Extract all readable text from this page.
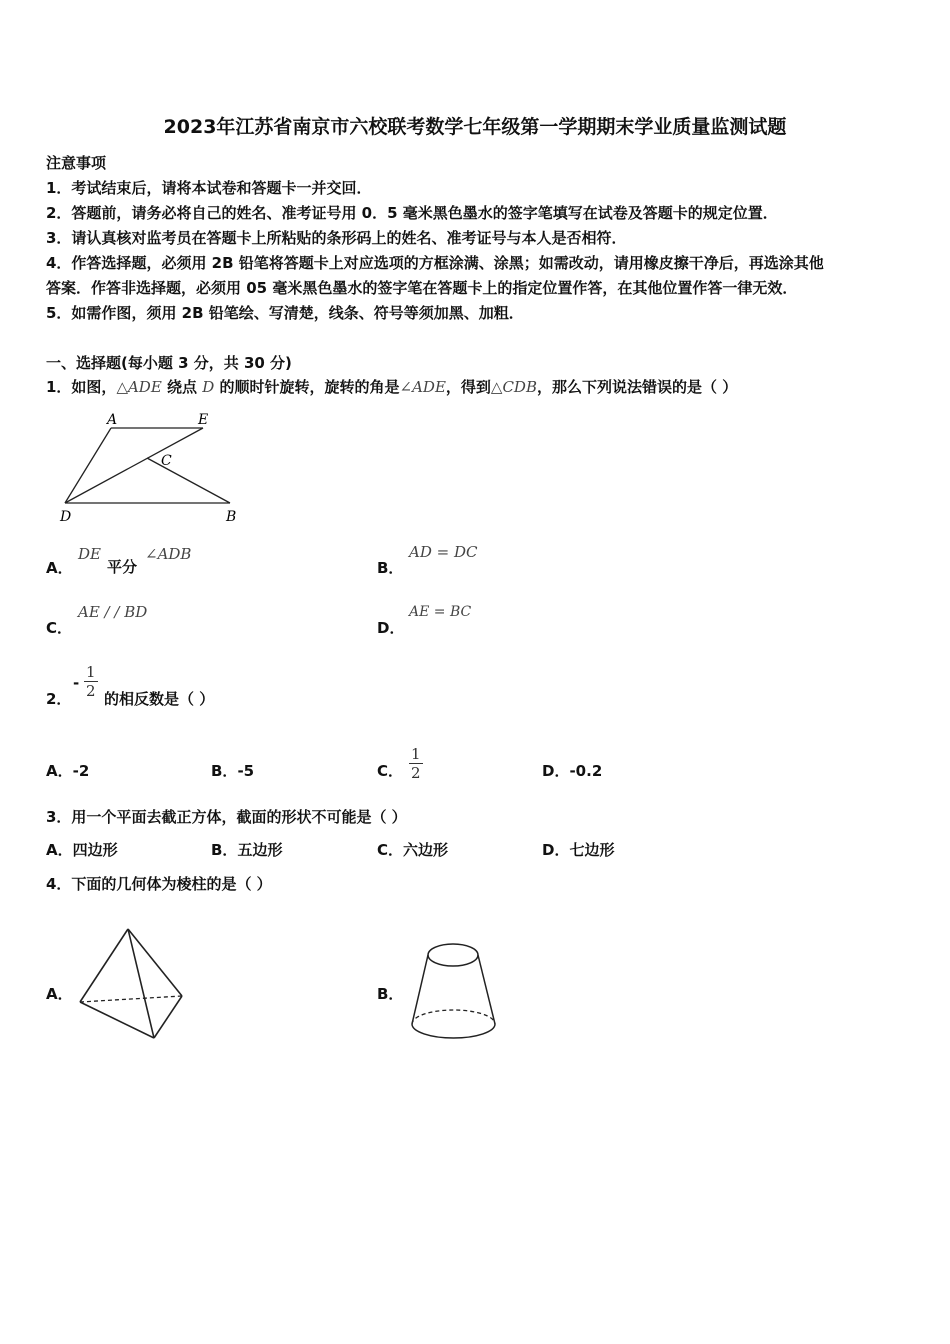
2023年江苏省南京市六校联考数学七年级第一学期期末学业质量监测试题
注意事项
1．考试结束后，请将本试卷和答题卡一并交回．
2．答题前，请务必将自己的姓名、准考证号用 0．5 毫米黑色墨水的签字笔填写在试卷及答题卡的规定位置．
3．请认真核对监考员在答题卡上所粘贴的条形码上的姓名、准考证号与本人是否相符．
4．作答选择题，必须用 2B 铅笔将答题卡上对应选项的方框涂满、涂黑；如需改动，请用橡皮擦干净后，再选涂其他
答案．作答非选择题，必须用 05 毫米黑色墨水的签字笔在答题卡上的指定位置作答，在其他位置作答一律无效．
5．如需作图，须用 2B 铅笔绘、写清楚，线条、符号等须加黑、加粗．
一、选择题(每小题 3 分，共 30 分)
1．如图，△ADE 绕点 D 的顺时针旋转，旋转的角是∠ADE，得到△CDB，那么下列说法错误的是（ ）
A	E
C
D	B
A．
DE
平分
∠ADB
B．
AD = DC
C．
AE / / BD
D．
AE = BC
2．
- $\frac{1}{2}$ 的相反数是（ ）
A．-2	B．-5	C． $\frac{1}{2}$	D．-0.2
3．用一个平面去截正方体，截面的形状不可能是（ ）
A．四边形	B．五边形	C．六边形	D．七边形
4．下面的几何体为棱柱的是（ ）
A．	B．
